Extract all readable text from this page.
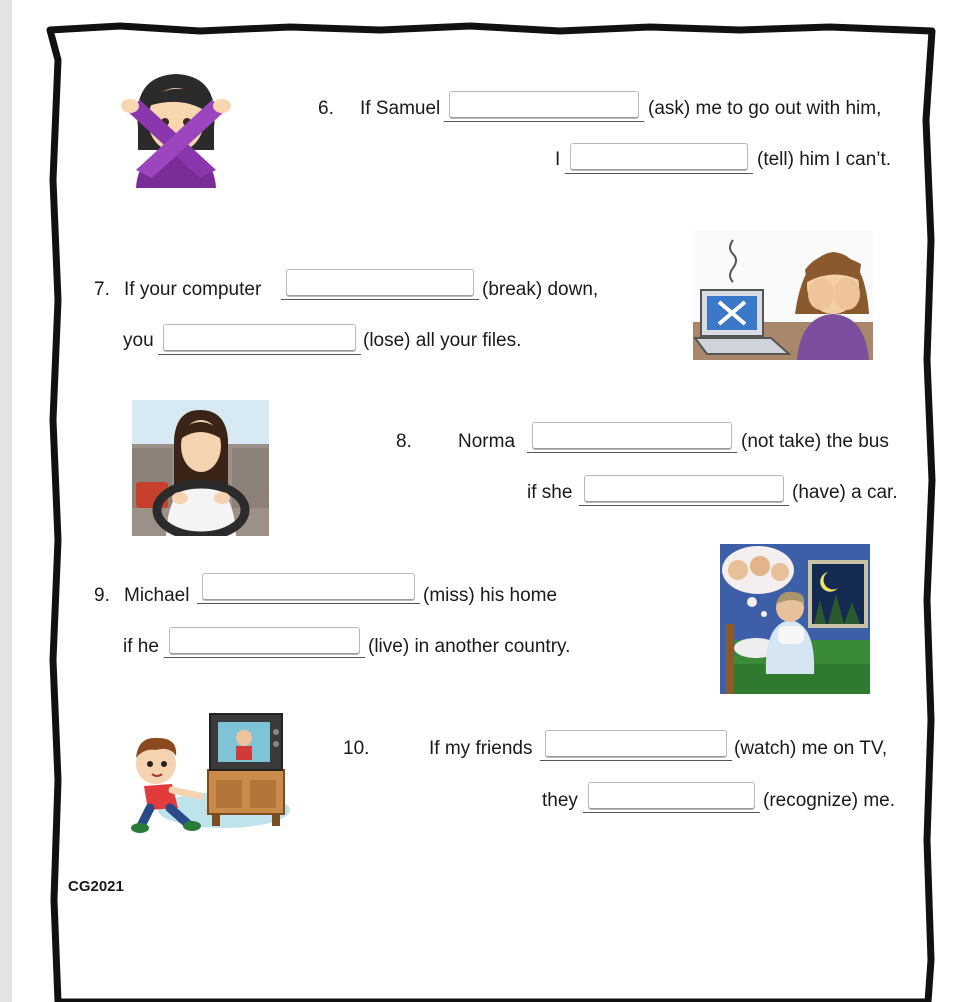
6. If Samuel	(ask) me to go out with him,
I	(tell) him I can’t.
7. If your computer	(break) down,
you	(lose) all your files.
8. Norma	(not take) the bus
if she	(have) a car.
9. Michael	(miss) his home
if he	(live) in another country.
10.	If my friends	(watch) me on TV,
they	(recognize) me.
CG2021
